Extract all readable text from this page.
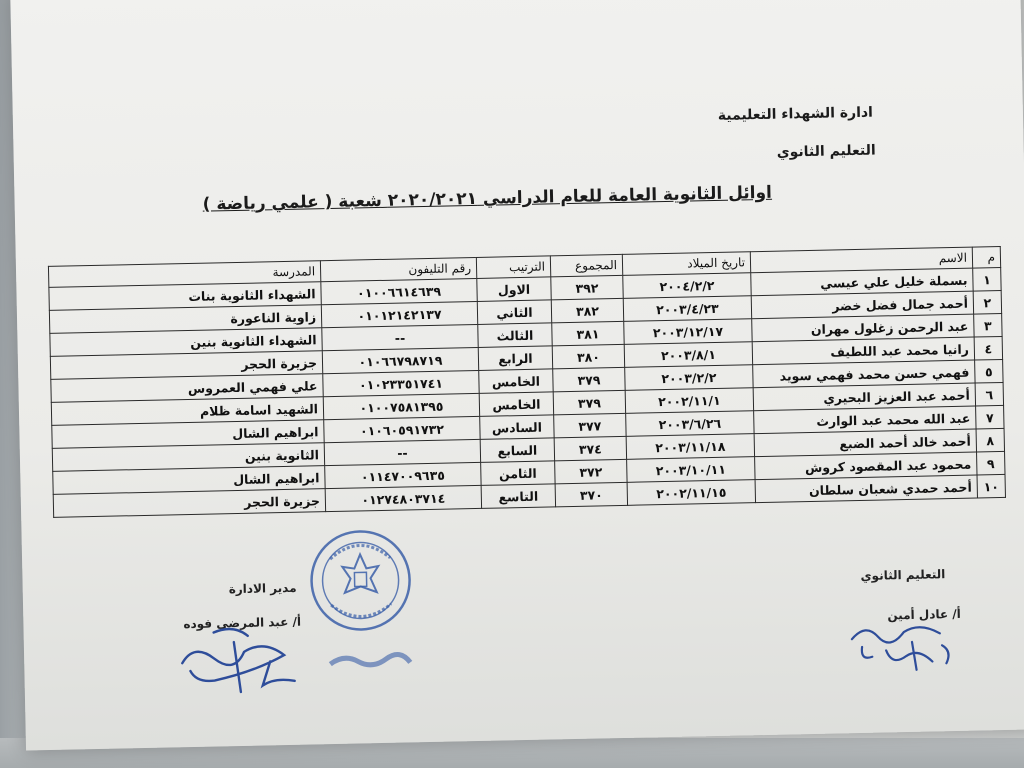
ادارة الشهداء التعليمية
التعليم الثانوي
اوائل الثانوية العامة للعام الدراسي ٢٠٢٠/٢٠٢١ شعبة ( علمي رياضة )
م	الاسم	تاريخ الميلاد	المجموع	الترتيب	رقم التليفون	المدرسة
١	بسملة خليل علي عيسي	٢٠٠٤/٢/٢	٣٩٢	الاول	٠١٠٠٦٦١٤٦٣٩	الشهداء الثانوية بنات
٢	أحمد جمال فضل خضر	٢٠٠٣/٤/٢٣	٣٨٢	الثاني	٠١٠١٢١٤٢١٣٧	زاوية الناعورة
٣	عبد الرحمن زغلول مهران	٢٠٠٣/١٢/١٧	٣٨١	الثالث	--	الشهداء الثانوية بنين
٤	رانيا محمد عبد اللطيف	٢٠٠٣/٨/١	٣٨٠	الرابع	٠١٠٦٦٧٩٨٧١٩	جزيرة الحجر
٥	فهمي حسن محمد فهمي سويد	٢٠٠٣/٢/٢	٣٧٩	الخامس	٠١٠٢٣٣٥١٧٤١	علي فهمي العمروس
٦	أحمد عبد العزيز البحيري	٢٠٠٢/١١/١	٣٧٩	الخامس	٠١٠٠٧٥٨١٣٩٥	الشهيد اسامة ظلام
٧	عبد الله محمد عبد الوارث	٢٠٠٣/٦/٢٦	٣٧٧	السادس	٠١٠٦٠٥٩١٧٣٢	ابراهيم الشال
٨	أحمد خالد أحمد الضبع	٢٠٠٣/١١/١٨	٣٧٤	السابع	--	الثانوية بنين
٩	محمود عبد المقصود كروش	٢٠٠٣/١٠/١١	٣٧٢	الثامن	٠١١٤٧٠٠٩٦٣٥	ابراهيم الشال
١٠	أحمد حمدي شعبان سلطان	٢٠٠٢/١١/١٥	٣٧٠	التاسع	٠١٢٧٤٨٠٣٧١٤	جزيرة الحجر
مدير الادارة
أ/ عبد المرضي فوده
التعليم الثانوي
أ/ عادل أمين
